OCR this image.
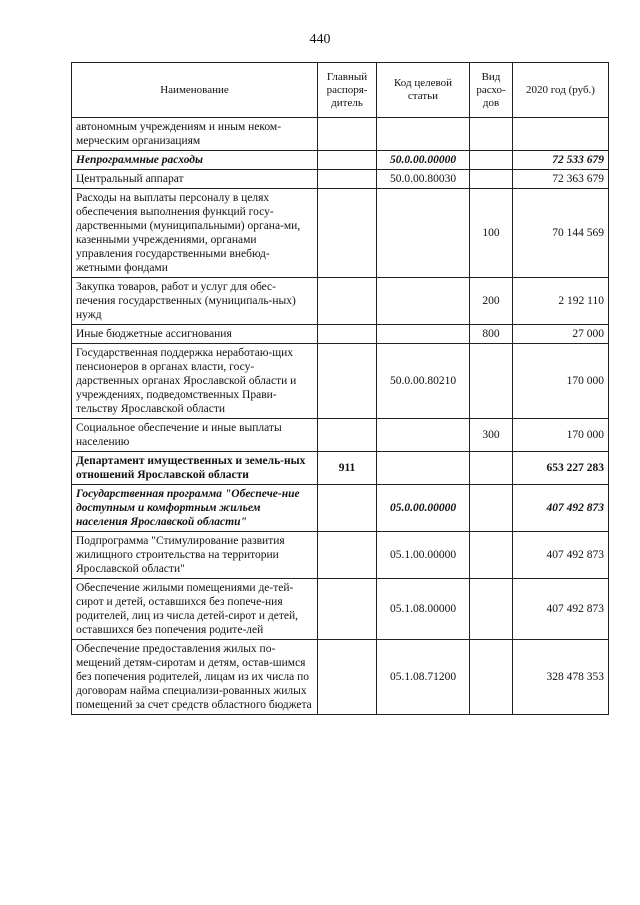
440
Наименование	Главный распоря-дитель	Код целевой статьи	Вид расхо-дов	2020 год (руб.)
автономным учреждениям и иным неком-мерческим организациям				
Непрограммные расходы		50.0.00.00000		72 533 679
Центральный аппарат		50.0.00.80030		72 363 679
Расходы на выплаты персоналу в целях обеспечения выполнения функций госу-дарственными (муниципальными) органа-ми, казенными учреждениями, органами управления государственными внебюд-жетными фондами			100	70 144 569
Закупка товаров, работ и услуг для обес-печения государственных (муниципаль-ных) нужд			200	2 192 110
Иные бюджетные ассигнования			800	27 000
Государственная поддержка неработаю-щих пенсионеров в органах власти, госу-дарственных органах Ярославской области и учреждениях, подведомственных Прави-тельству Ярославской области		50.0.00.80210		170 000
Социальное обеспечение и иные выплаты населению			300	170 000
Департамент имущественных и земель-ных отношений Ярославской области	911			653 227 283
Государственная программа "Обеспече-ние доступным и комфортным жильем населения Ярославской области"		05.0.00.00000		407 492 873
Подпрограмма "Стимулирование развития жилищного строительства на территории Ярославской области"		05.1.00.00000		407 492 873
Обеспечение жилыми помещениями де-тей-сирот и детей, оставшихся без попече-ния родителей, лиц из числа детей-сирот и детей, оставшихся без попечения родите-лей		05.1.08.00000		407 492 873
Обеспечение предоставления жилых по-мещений детям-сиротам и детям, остав-шимся без попечения родителей, лицам из их числа по договорам найма специализи-рованных жилых помещений за счет средств областного бюджета		05.1.08.71200		328 478 353
